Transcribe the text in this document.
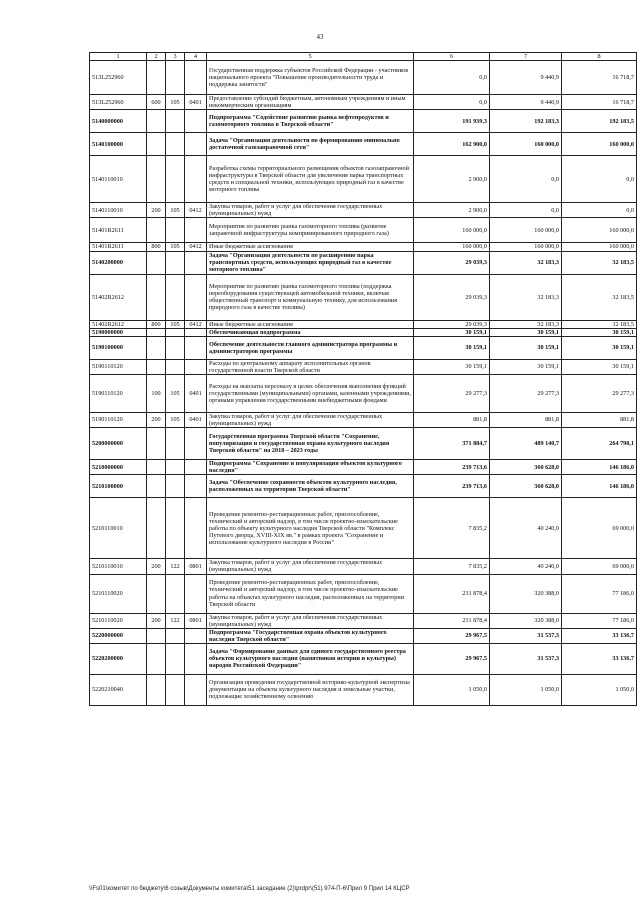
43
1	2	3	4	5	6	7	8
513L252960				Государственная поддержка субъектов Российской Федерации - участников национального проекта "Повышение производительности труда и поддержка занятости"	0,0	9 440,9	16 718,7
513L252960	600	105	0401	Предоставление субсидий бюджетным, автономным учреждениям и иным некоммерческим организациям	0,0	9 440,9	16 718,7
5140000000				Подпрограмма "Содействие развитию рынка нефтепродуктов и газомоторного топлива в Тверской области"	191 939,3	192 183,3	192 183,5
5140100000				Задача "Организация деятельности по формированию минимально достаточной газозаправочной сети"	162 900,0	160 000,0	160 000,0
5140110010				Разработка схемы территориального размещения объектов газозаправочной инфраструктуры в Тверской области для увеличения парка транспортных средств и специальной техники, использующих природный газ в качестве моторного топлива	2 900,0	0,0	0,0
5140110010	200	105	0412	Закупка товаров, работ и услуг для обеспечения государственных (муниципальных) нужд	2 900,0	0,0	0,0
51401R2611				Мероприятия по развитию рынка газомоторного топлива (развитие заправочной инфраструктуры компримированного природного газа)	160 000,0	160 000,0	160 000,0
51401R2611	800	105	0412	Иные бюджетные ассигнования	160 000,0	160 000,0	160 000,0
5140200000				Задача "Организация деятельности по расширению парка транспортных средств, использующих природный газ в качестве моторного топлива"	29 039,3	32 183,3	32 183,5
51402R2612				Мероприятия по развитию рынка газомоторного топлива (поддержка переоборудования существующей автомобильной техники, включая общественный транспорт и коммунальную технику, для использования природного газа в качестве топлива)	29 039,3	32 183,3	32 183,5
51402R2612	800	105	0412	Иные бюджетные ассигнования	29 039,3	32 183,3	32 183,5
5190000000				Обеспечивающая подпрограмма	30 159,1	30 159,1	30 159,1
5190100000				Обеспечение деятельности главного администратора программы и администраторов программы	30 159,1	30 159,1	30 159,1
5190110120				Расходы по центральному аппарату исполнительных органов государственной власти Тверской области	30 159,1	30 159,1	30 159,1
5190110120	100	105	0401	Расходы на выплаты персоналу в целях обеспечения выполнения функций государственными (муниципальными) органами, казенными учреждениями, органами управления государственными внебюджетными фондами	29 277,3	29 277,3	29 277,3
5190110120	200	105	0401	Закупка товаров, работ и услуг для обеспечения государственных (муниципальных) нужд	881,8	881,8	881,8
5200000000				Государственная программа Тверской области "Сохранение, популяризация и государственная охрана культурного наследия Тверской области" на 2018 – 2023 годы	371 884,7	489 140,7	264 798,1
5210000000				Подпрограмма "Сохранение и популяризация объектов культурного наследия"	239 713,6	360 628,0	146 186,0
5210100000				Задача "Обеспечение сохранности объектов культурного наследия, расположенных на территории Тверской области"	239 713,6	360 628,0	146 186,0
5210110010				Проведение ремонтно-реставрационных работ, приспособление, технический и авторский надзор, в том числе проектно-изыскательские работы по объекту культурного наследия Тверской области "Комплекс Путевого дворца, XVIII-XIX вв." в рамках проекта "Сохранение и использование культурного наследия в России"	7 835,2	40 240,0	69 000,0
5210110010	200	122	0801	Закупка товаров, работ и услуг для обеспечения государственных (муниципальных) нужд	7 835,2	40 240,0	69 000,0
5210110020				Проведение ремонтно-реставрационных работ, приспособление, технический и авторский надзор, в том числе проектно-изыскательские работы на объектах культурного наследия, расположенных на территории Тверской области	231 878,4	320 388,0	77 186,0
5210110020	200	122	0801	Закупка товаров, работ и услуг для обеспечения государственных (муниципальных) нужд	231 878,4	320 388,0	77 186,0
5220000000				Подпрограмма "Государственная охрана объектов культурного наследия Тверской области"	29 967,5	31 537,3	33 136,7
5220200000				Задача "Формирование данных для единого государственного реестра объектов культурного наследия (памятников истории и культуры) народов Российской Федерации"	29 967,5	31 537,3	33 136,7
5220210040				Организация проведения государственной историко-культурной экспертизы документации на объекты культурного наследия и земельные участки, подлежащие хозяйственному освоению	1 050,0	1 050,0	1 050,0
\\Fs01\комитет по бюджету\6 созыв\Документы комитета\51 заседание (2)\prdpr\(51) 974-П-6\Прил 9 Прил 14 КЦСР
